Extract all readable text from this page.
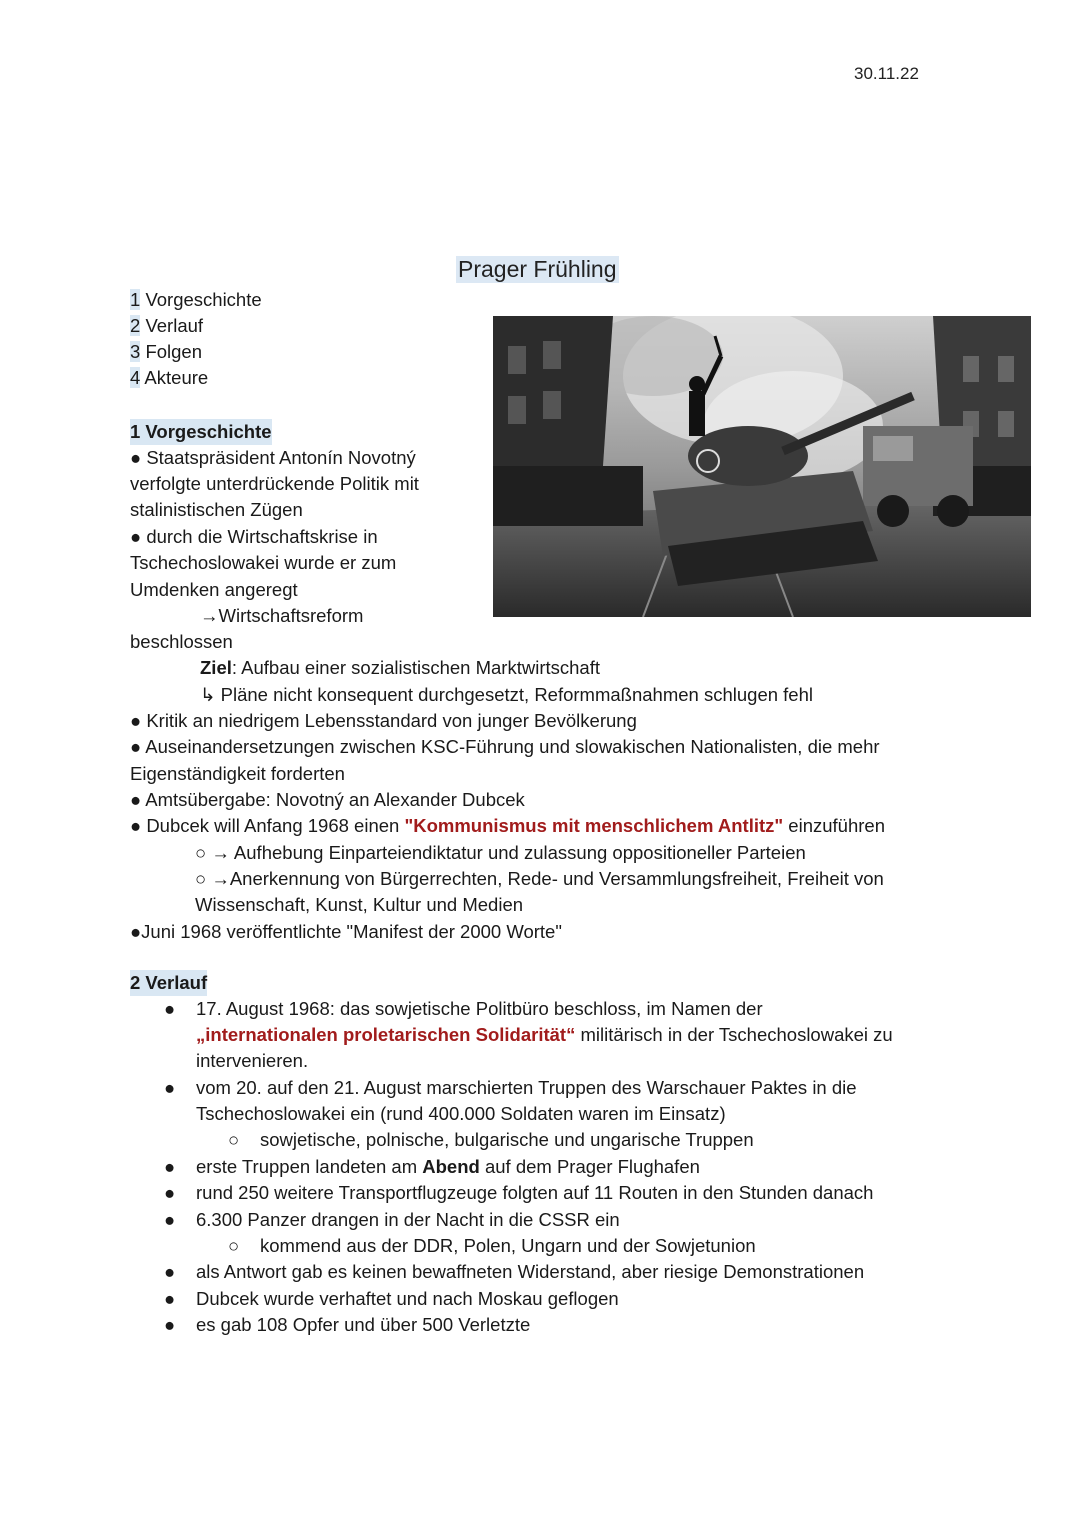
30.11.22
Prager Frühling
1 Vorgeschichte
2 Verlauf
3 Folgen
4 Akteure
1 Vorgeschichte
● Staatspräsident Antonín Novotný
verfolgte unterdrückende Politik mit
stalinistischen Zügen
● durch die Wirtschaftskrise in
Tschechoslowakei wurde er zum
Umdenken angeregt
→Wirtschaftsreform
beschlossen
Ziel: Aufbau einer sozialistischen Marktwirtschaft
↳ Pläne nicht konsequent durchgesetzt, Reformmaßnahmen schlugen fehl
● Kritik an niedrigem Lebensstandard von junger Bevölkerung
● Auseinandersetzungen zwischen KSC-Führung und slowakischen Nationalisten, die mehr
Eigenständigkeit forderten
● Amtsübergabe: Novotný an Alexander Dubcek
● Dubcek will Anfang 1968 einen "Kommunismus mit menschlichem Antlitz" einzuführen
○ → Aufhebung Einparteiendiktatur und zulassung oppositioneller Parteien
○ →Anerkennung von Bürgerrechten, Rede- und Versammlungsfreiheit, Freiheit von
Wissenschaft, Kunst, Kultur und Medien
●Juni 1968 veröffentlichte "Manifest der 2000 Worte"
2 Verlauf
● 17. August 1968: das sowjetische Politbüro beschloss, im Namen der
„internationalen proletarischen Solidarität“ militärisch in der Tschechoslowakei zu
intervenieren.
● vom 20. auf den 21. August marschierten Truppen des Warschauer Paktes in die
Tschechoslowakei ein (rund 400.000 Soldaten waren im Einsatz)
○ sowjetische, polnische, bulgarische und ungarische Truppen
● erste Truppen landeten am Abend auf dem Prager Flughafen
● rund 250 weitere Transportflugzeuge folgten auf 11 Routen in den Stunden danach
● 6.300 Panzer drangen in der Nacht in die CSSR ein
○ kommend aus der DDR, Polen, Ungarn und der Sowjetunion
● als Antwort gab es keinen bewaffneten Widerstand, aber riesige Demonstrationen
● Dubcek wurde verhaftet und nach Moskau geflogen
● es gab 108 Opfer und über 500 Verletzte
